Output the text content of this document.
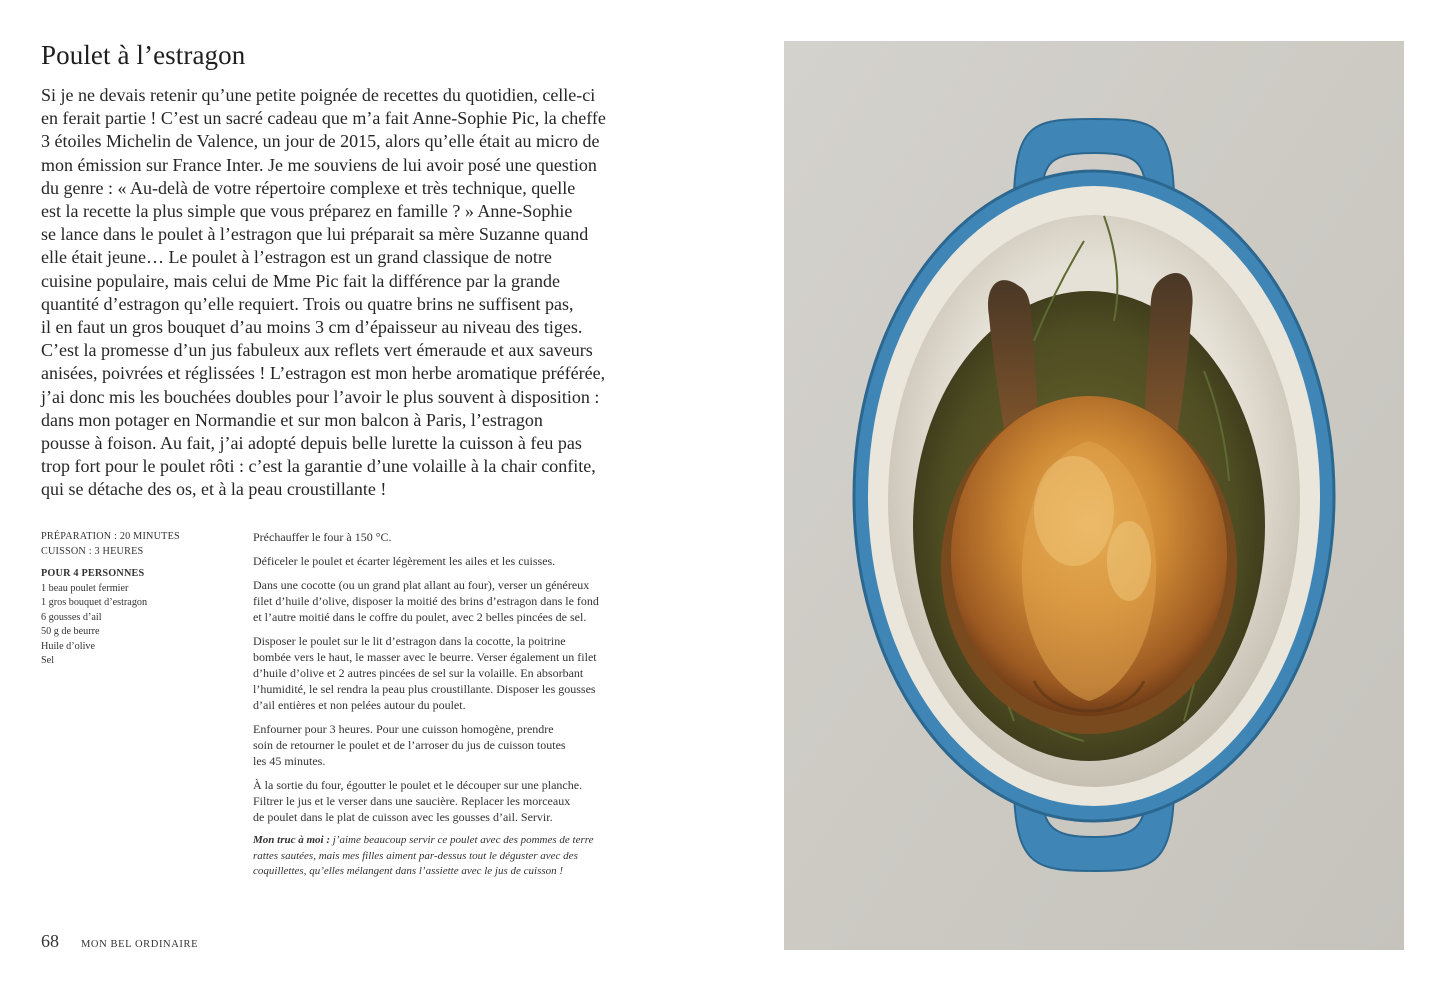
Poulet à l’estragon
Si je ne devais retenir qu’une petite poignée de recettes du quotidien, celle-ci
en ferait partie ! C’est un sacré cadeau que m’a fait Anne-Sophie Pic, la cheffe
3 étoiles Michelin de Valence, un jour de 2015, alors qu’elle était au micro de
mon émission sur France Inter. Je me souviens de lui avoir posé une question
du genre : « Au-delà de votre répertoire complexe et très technique, quelle
est la recette la plus simple que vous préparez en famille ? » Anne-Sophie
se lance dans le poulet à l’estragon que lui préparait sa mère Suzanne quand
elle était jeune… Le poulet à l’estragon est un grand classique de notre
cuisine populaire, mais celui de Mme Pic fait la différence par la grande
quantité d’estragon qu’elle requiert. Trois ou quatre brins ne suffisent pas,
il en faut un gros bouquet d’au moins 3 cm d’épaisseur au niveau des tiges.
C’est la promesse d’un jus fabuleux aux reflets vert émeraude et aux saveurs
anisées, poivrées et réglissées ! L’estragon est mon herbe aromatique préférée,
j’ai donc mis les bouchées doubles pour l’avoir le plus souvent à disposition :
dans mon potager en Normandie et sur mon balcon à Paris, l’estragon
pousse à foison. Au fait, j’ai adopté depuis belle lurette la cuisson à feu pas
trop fort pour le poulet rôti : c’est la garantie d’une volaille à la chair confite,
qui se détache des os, et à la peau croustillante !
PRÉPARATION : 20 MINUTES
CUISSON : 3 HEURES
POUR 4 PERSONNES
1 beau poulet fermier
1 gros bouquet d’estragon
6 gousses d’ail
50 g de beurre
Huile d’olive
Sel

Préchauffer le four à 150 °C.

Déficeler le poulet et écarter légèrement les ailes et les cuisses.

Dans une cocotte (ou un grand plat allant au four), verser un généreux
filet d’huile d’olive, disposer la moitié des brins d’estragon dans le fond
et l’autre moitié dans le coffre du poulet, avec 2 belles pincées de sel.

Disposer le poulet sur le lit d’estragon dans la cocotte, la poitrine
bombée vers le haut, le masser avec le beurre. Verser également un filet
d’huile d’olive et 2 autres pincées de sel sur la volaille. En absorbant
l’humidité, le sel rendra la peau plus croustillante. Disposer les gousses
d’ail entières et non pelées autour du poulet.

Enfourner pour 3 heures. Pour une cuisson homogène, prendre
soin de retourner le poulet et de l’arroser du jus de cuisson toutes
les 45 minutes.

À la sortie du four, égoutter le poulet et le découper sur une planche.
Filtrer le jus et le verser dans une saucière. Replacer les morceaux
de poulet dans le plat de cuisson avec les gousses d’ail. Servir.

Mon truc à moi : j’aime beaucoup servir ce poulet avec des pommes de terre
rattes sautées, mais mes filles aiment par-dessus tout le déguster avec des
coquillettes, qu’elles mélangent dans l’assiette avec le jus de cuisson !

68 MON BEL ORDINAIRE
